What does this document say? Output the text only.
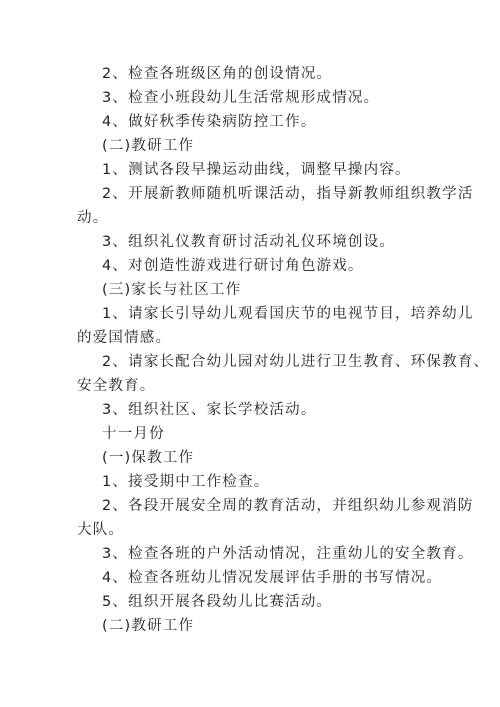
2、检查各班级区角的创设情况。
3、检查小班段幼儿生活常规形成情况。
4、做好秋季传染病防控工作。
(二)教研工作
1、测试各段早操运动曲线，调整早操内容。
2、开展新教师随机听课活动，指导新教师组织教学活
动。
3、组织礼仪教育研讨活动礼仪环境创设。
4、对创造性游戏进行研讨角色游戏。
(三)家长与社区工作
1、请家长引导幼儿观看国庆节的电视节目，培养幼儿
的爱国情感。
2、请家长配合幼儿园对幼儿进行卫生教育、环保教育、
安全教育。
3、组织社区、家长学校活动。
十一月份
(一)保教工作
1、接受期中工作检查。
2、各段开展安全周的教育活动，并组织幼儿参观消防
大队。
3、检查各班的户外活动情况，注重幼儿的安全教育。
4、检查各班幼儿情况发展评估手册的书写情况。
5、组织开展各段幼儿比赛活动。
(二)教研工作
